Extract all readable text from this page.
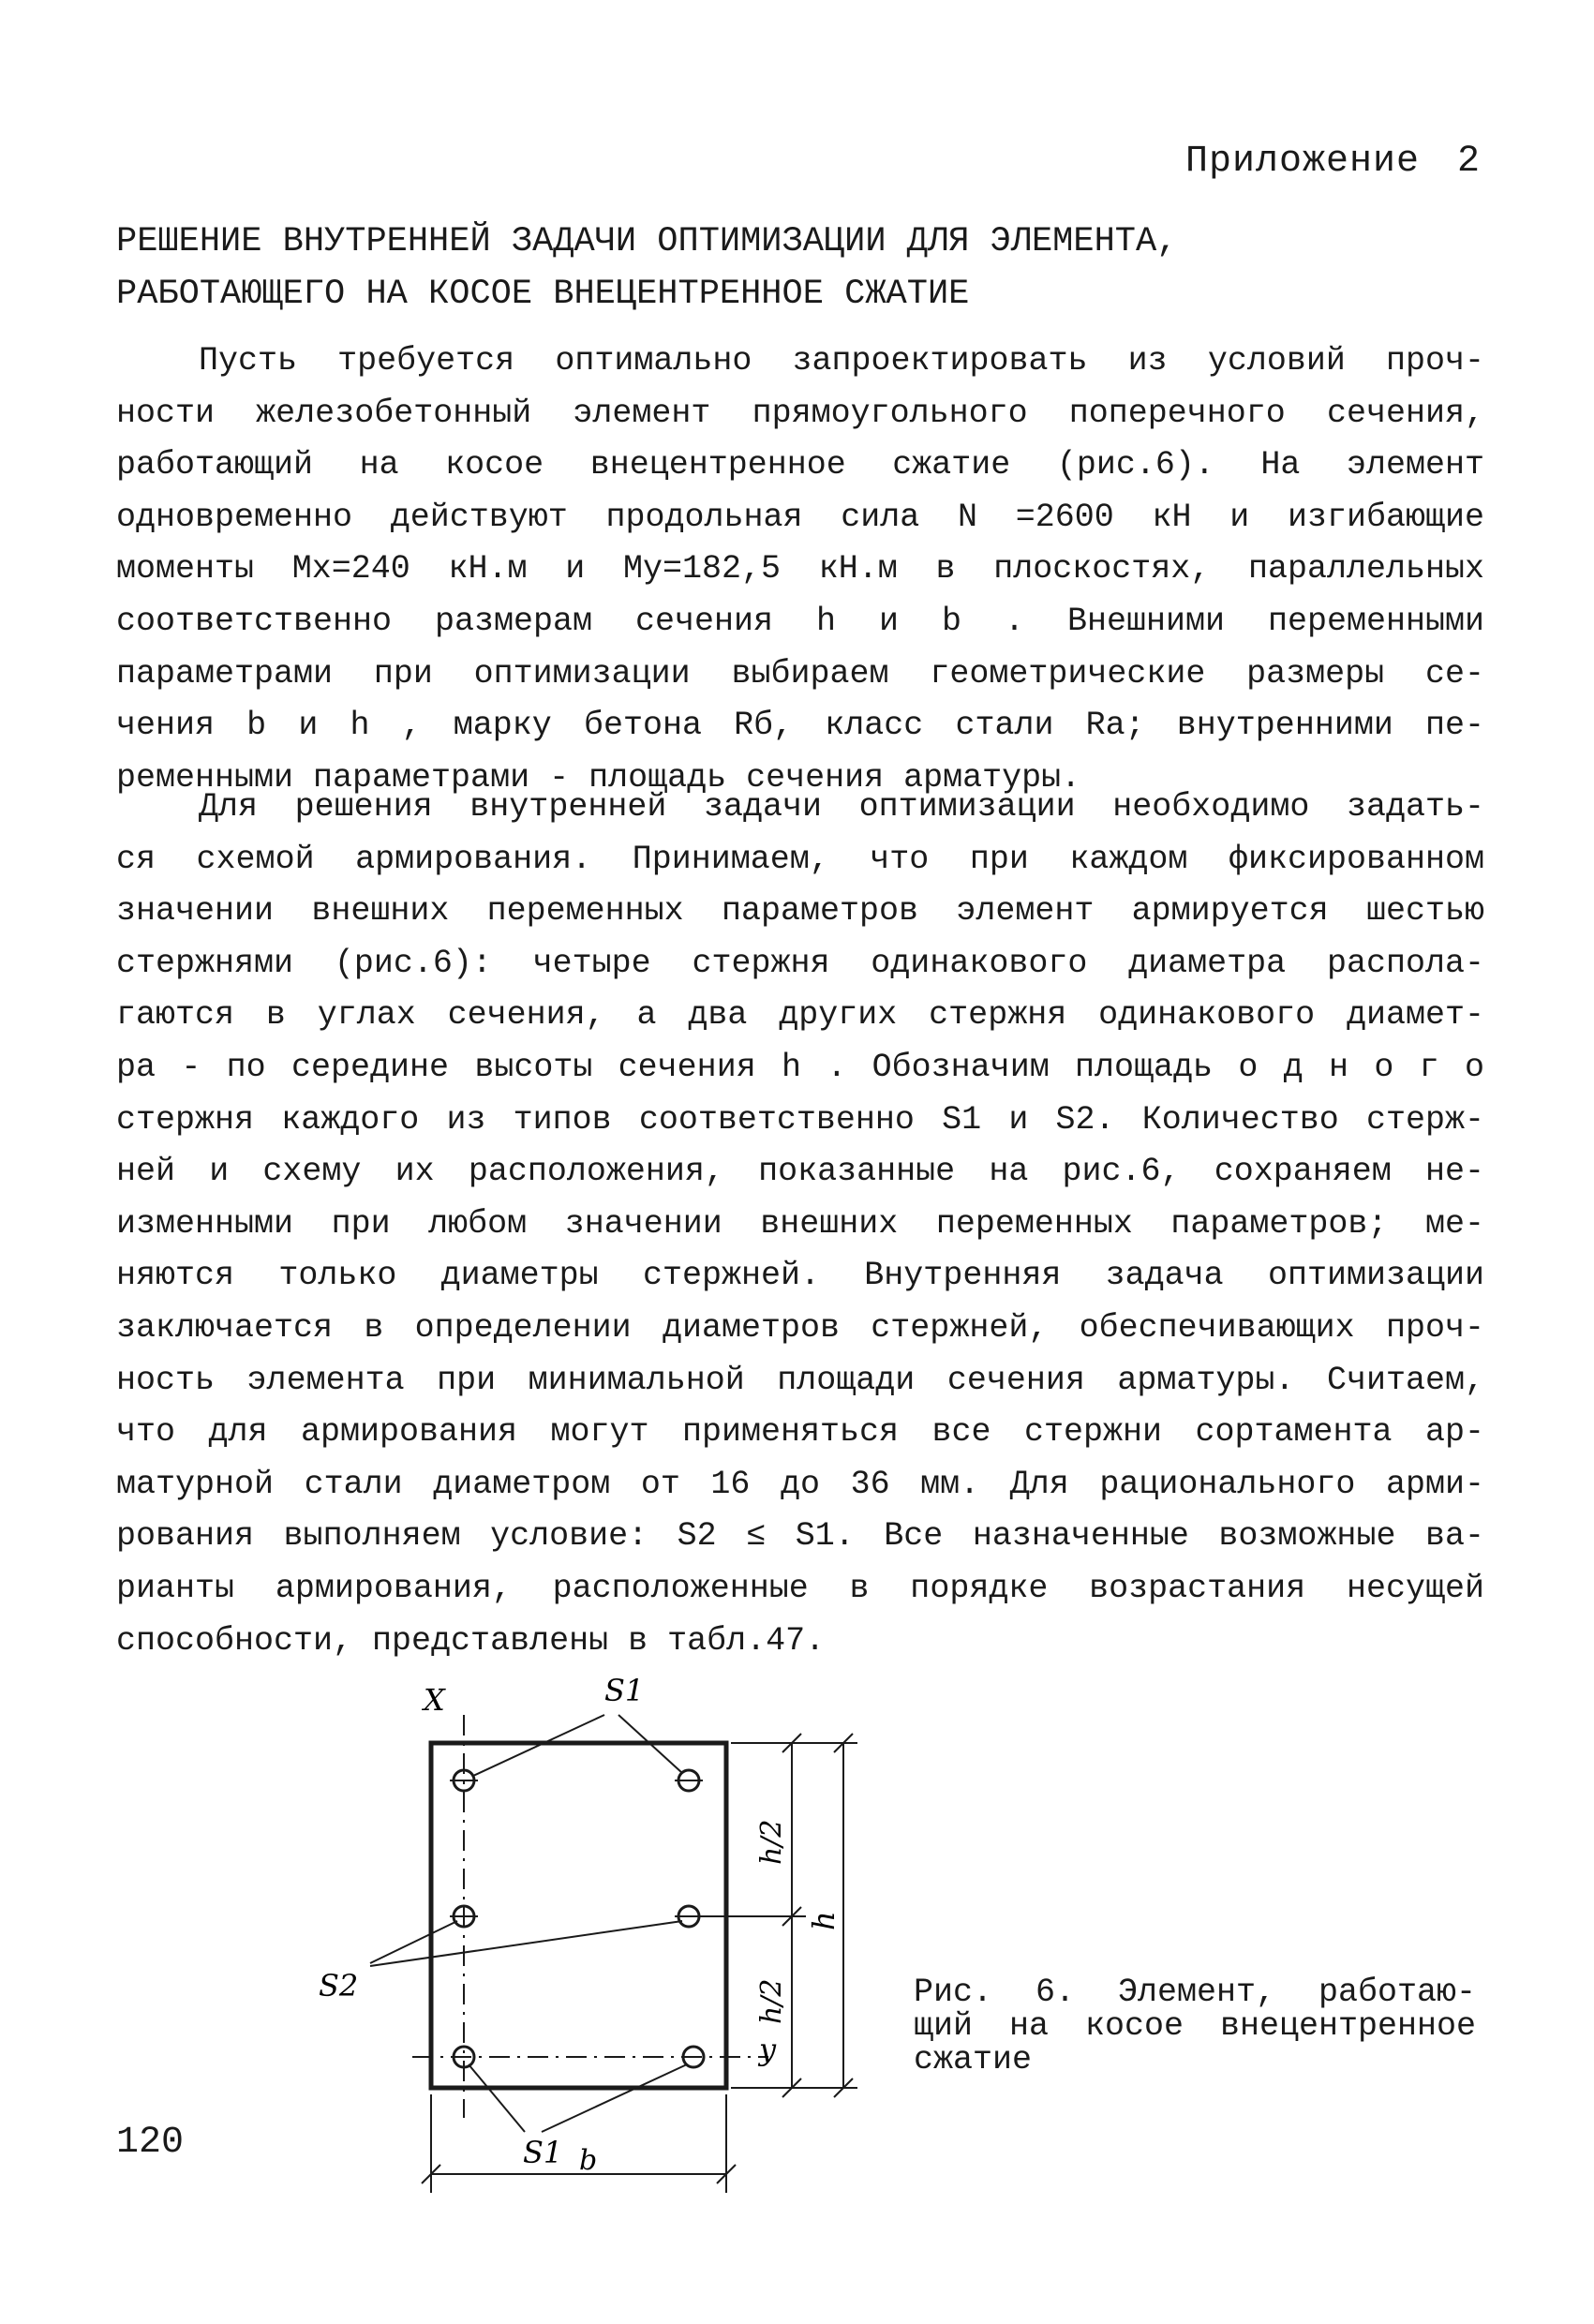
Приложение 2
РЕШЕНИЕ ВНУТРЕННЕЙ ЗАДАЧИ ОПТИМИЗАЦИИ ДЛЯ ЭЛЕМЕНТА,
РАБОТАЮЩЕГО НА КОСОЕ ВНЕЦЕНТРЕННОЕ СЖАТИЕ
Пусть требуется оптимально запроектировать из условий проч-
ности железобетонный элемент прямоугольного поперечного сечения,
работающий на косое внецентренное сжатие (рис.6). На элемент
одновременно действуют продольная сила N =2600 кН и изгибающие
моменты Mx=240 кН.м и My=182,5 кН.м в плоскостях, параллельных
соответственно размерам сечения h и b . Внешними переменными
параметрами при оптимизации выбираем геометрические размеры се-
чения b и h , марку бетона Rб, класс стали Ra; внутренними пе-
ременными параметрами - площадь сечения арматуры.
Для решения внутренней задачи оптимизации необходимо задать-
ся схемой армирования. Принимаем, что при каждом фиксированном
значении внешних переменных параметров элемент армируется шестью
стержнями (рис.6): четыре стержня одинакового диаметра распола-
гаются в углах сечения, а два других стержня одинакового диамет-
ра - по середине высоты сечения h . Обозначим площадь о д н о г о
стержня каждого из типов соответственно S1 и S2. Количество стерж-
ней и схему их расположения, показанные на рис.6, сохраняем не-
изменными при любом значении внешних переменных параметров; ме-
няются только диаметры стержней. Внутренняя задача оптимизации
заключается в определении диаметров стержней, обеспечивающих проч-
ность элемента при минимальной площади сечения арматуры. Считаем,
что для армирования могут применяться все стержни сортамента ар-
матурной стали диаметром от 16 до 36 мм. Для рационального арми-
рования выполняем условие: S2 ≤ S1. Все назначенные возможные ва-
рианты армирования, расположенные в порядке возрастания несущей
способности, представлены в табл.47.
X	S1
S2
S1 b
y
h/2
h/2
h
Рис. 6. Элемент, работаю-
щий на косое внецентренное
сжатие
120
